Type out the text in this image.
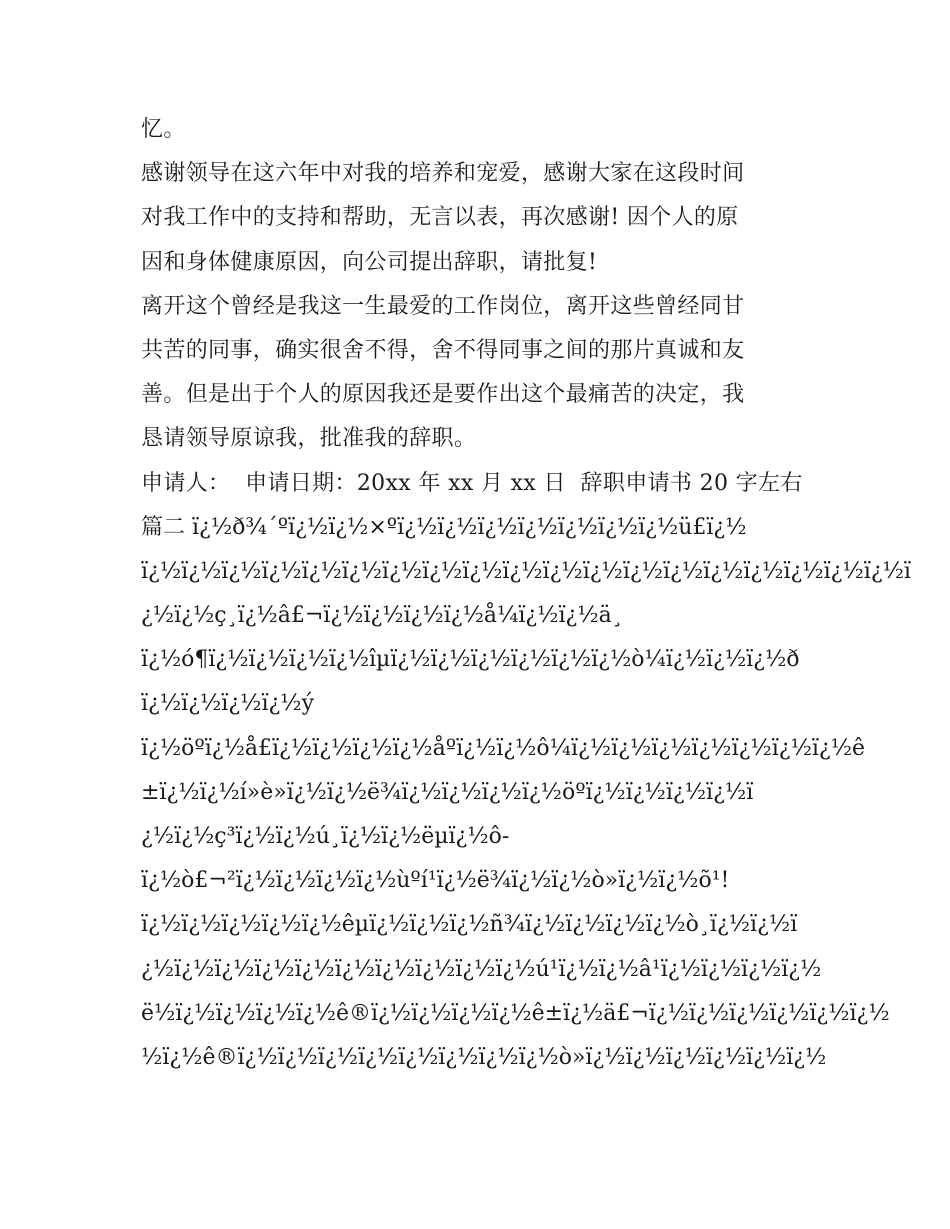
忆。
感谢领导在这六年中对我的培养和宠爱，感谢大家在这段时间
对我工作中的支持和帮助，无言以表，再次感谢! 因个人的原
因和身体健康原因，向公司提出辞职，请批复!
离开这个曾经是我这一生最爱的工作岗位，离开这些曾经同甘
共苦的同事，确实很舍不得，舍不得同事之间的那片真诚和友
善。但是出于个人的原因我还是要作出这个最痛苦的决定，我
恳请领导原谅我，批准我的辞职。
申请人：  申请日期：20xx 年 xx 月 xx 日  辞职申请书 20 字左右
篇二 ï¿½ð¾´ºï¿½ï¿½×ºï¿½ï¿½ï¿½ï¿½ï¿½ï¿½ï¿½ü£ï¿½
ï¿½ï¿½ï¿½ï¿½ï¿½ï¿½ï¿½ï¿½ï¿½ï¿½ï¿½ï¿½ï¿½ï¿½ï¿½ï¿½ï¿½ï¿½ï¿½ï
¿½ï¿½ç¸ï¿½â£¬ï¿½ï¿½ï¿½ï¿½å¼ï¿½ï¿½ä¸
ï¿½ó¶ï¿½ï¿½ï¿½ï¿½îµï¿½ï¿½ï¿½ï¿½ï¿½ï¿½ò¼ï¿½ï¿½ï¿½ð
ï¿½ï¿½ï¿½ï¿½ý
ï¿½öºï¿½å£ï¿½ï¿½ï¿½ï¿½åºï¿½ï¿½ô¼ï¿½ï¿½ï¿½ï¿½ï¿½ï¿½ï¿½ê
±ï¿½ï¿½í»è»ï¿½ï¿½ë¾ï¿½ï¿½ï¿½ï¿½öºï¿½ï¿½ï¿½ï¿½ï
¿½ï¿½ç³ï¿½ï¿½ú¸ï¿½ï¿½ëµï¿½ô-
ï¿½ò£¬²ï¿½ï¿½ï¿½ï¿½ùºí¹ï¿½ë¾ï¿½ï¿½ò»ï¿½ï¿½õ¹!
ï¿½ï¿½ï¿½ï¿½ï¿½êµï¿½ï¿½ï¿½ñ¾ï¿½ï¿½ï¿½ï¿½ò¸ï¿½ï¿½ï
¿½ï¿½ï¿½ï¿½ï¿½ï¿½ï¿½ï¿½ï¿½ï¿½ú¹ï¿½ï¿½â¹ï¿½ï¿½ï¿½ï¿½
ë½ï¿½ï¿½ï¿½ï¿½ê®ï¿½ï¿½ï¿½ï¿½ê±ï¿½ä£¬ï¿½ï¿½ï¿½ï¿½ï¿½ï¿½
½ï¿½ê®ï¿½ï¿½ï¿½ï¿½ï¿½ï¿½ï¿½ï¿½ò»ï¿½ï¿½ï¿½ï¿½ï¿½ï¿½
